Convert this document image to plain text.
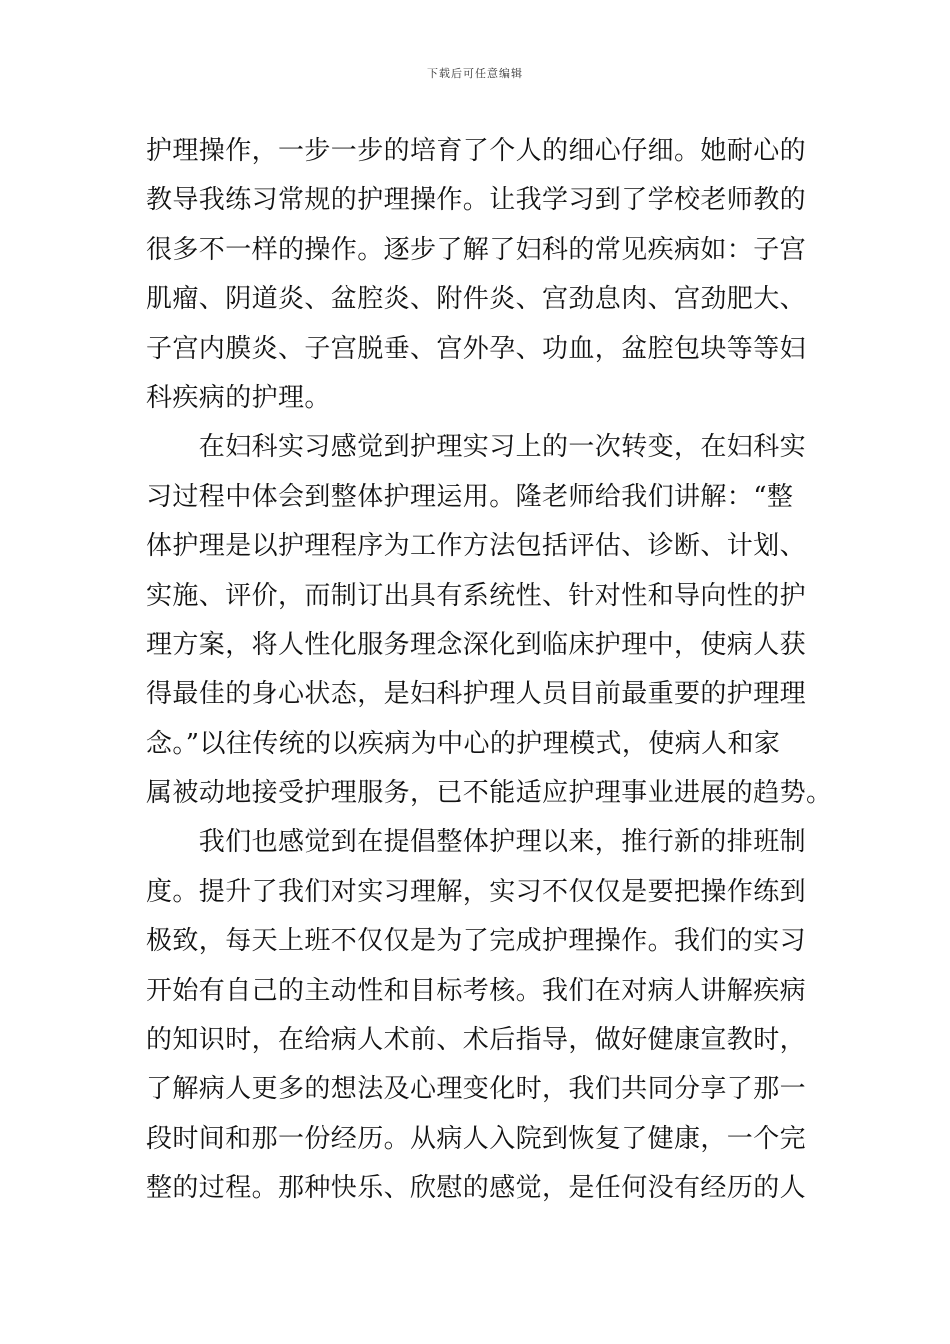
下载后可任意编辑

护理操作，一步一步的培育了个人的细心仔细。她耐心的
教导我练习常规的护理操作。让我学习到了学校老师教的
很多不一样的操作。逐步了解了妇科的常见疾病如：子宫
肌瘤、阴道炎、盆腔炎、附件炎、宫劲息肉、宫劲肥大、
子宫内膜炎、子宫脱垂、宫外孕、功血，盆腔包块等等妇
科疾病的护理。

　　在妇科实习感觉到护理实习上的一次转变，在妇科实
习过程中体会到整体护理运用。隆老师给我们讲解：“整
体护理是以护理程序为工作方法包括评估、诊断、计划、
实施、评价，而制订出具有系统性、针对性和导向性的护
理方案，将人性化服务理念深化到临床护理中，使病人获
得最佳的身心状态，是妇科护理人员目前最重要的护理理
念。”以往传统的以疾病为中心的护理模式，使病人和家
属被动地接受护理服务，已不能适应护理事业进展的趋势。

　　我们也感觉到在提倡整体护理以来，推行新的排班制
度。提升了我们对实习理解，实习不仅仅是要把操作练到
极致，每天上班不仅仅是为了完成护理操作。我们的实习
开始有自己的主动性和目标考核。我们在对病人讲解疾病
的知识时，在给病人术前、术后指导，做好健康宣教时，
了解病人更多的想法及心理变化时，我们共同分享了那一
段时间和那一份经历。从病人入院到恢复了健康，一个完
整的过程。那种快乐、欣慰的感觉，是任何没有经历的人
